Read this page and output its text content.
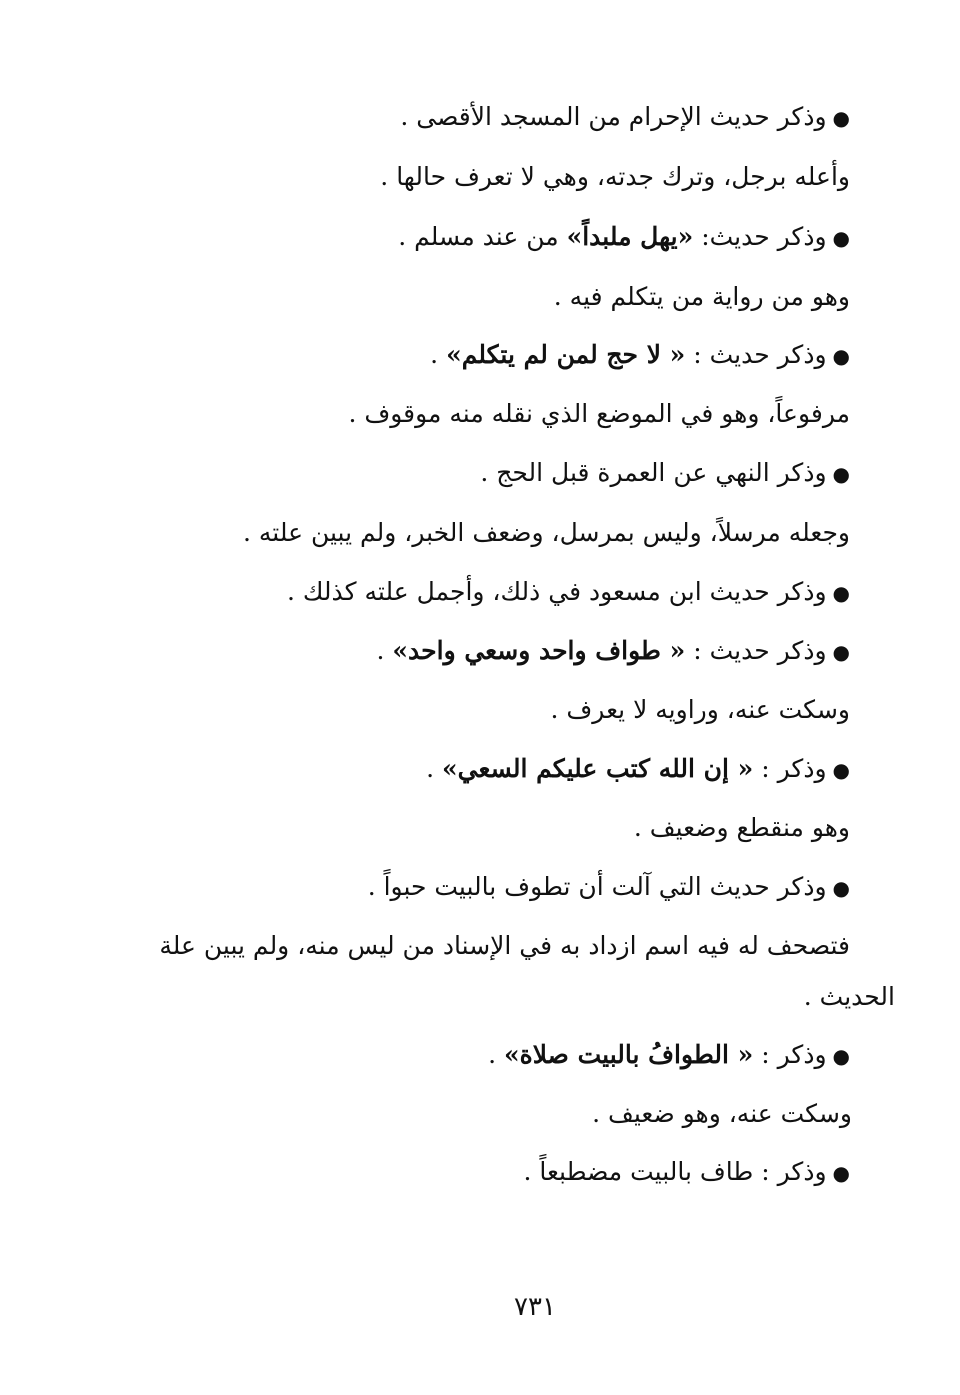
●وذكر حديث الإحرام من المسجد الأقصى .
وأعله برجل، وترك جدته، وهي لا تعرف حالها .
●وذكر حديث: «يهل ملبداً» من عند مسلم .
وهو من رواية من يتكلم فيه .
●وذكر حديث : « لا حج لمن لم يتكلم» .
مرفوعاً، وهو في الموضع الذي نقله منه موقوف .
●وذكر النهي عن العمرة قبل الحج .
وجعله مرسلاً، وليس بمرسل، وضعف الخبر، ولم يبين علته .
●وذكر حديث ابن مسعود في ذلك، وأجمل علته كذلك .
●وذكر حديث : « طواف واحد وسعي واحد» .
وسكت عنه، وراويه لا يعرف .
●وذكر : « إن الله كتب عليكم السعي» .
وهو منقطع وضعيف .
●وذكر حديث التي آلت أن تطوف بالبيت حبواً .
فتصحف له فيه اسم ازداد به في الإسناد من ليس منه، ولم يبين علة
الحديث .
●وذكر : « الطوافُ بالبيت صلاة» .
وسكت عنه، وهو ضعيف .
●وذكر : طاف بالبيت مضطبعاً .
٧٣١
